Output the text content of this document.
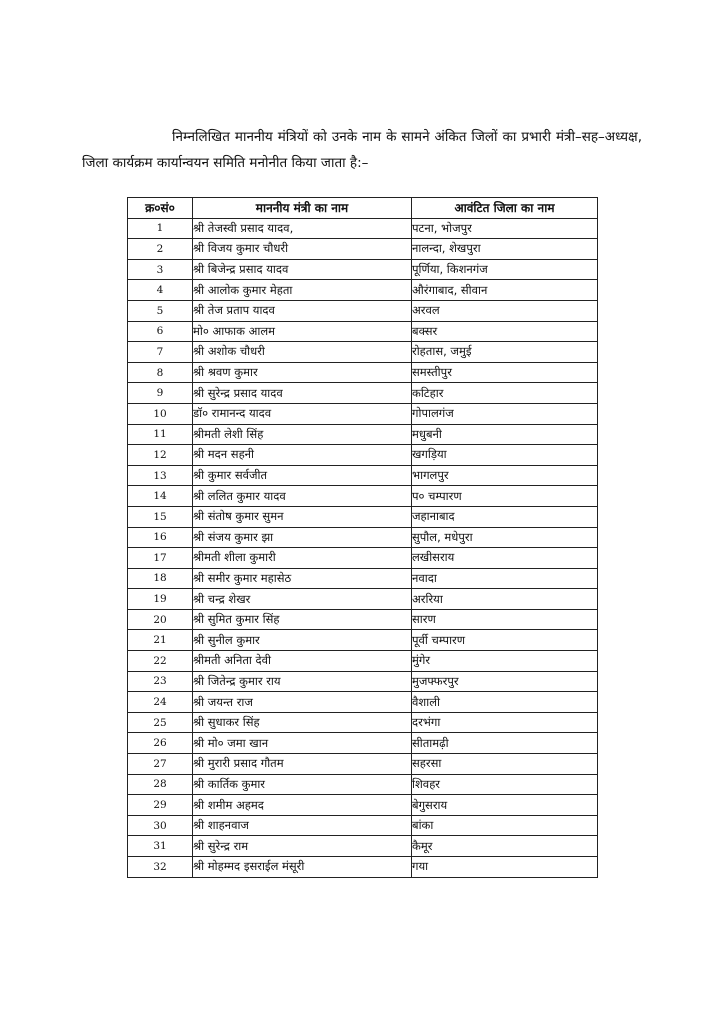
निम्नलिखित माननीय मंत्रियों को उनके नाम के सामने अंकित जिलों का प्रभारी मंत्री–सह–अध्यक्ष, जिला कार्यक्रम कार्यान्वयन समिति मनोनीत किया जाता है:–

क्र०सं०	माननीय मंत्री का नाम	आवंटित जिला का नाम
1	श्री तेजस्वी प्रसाद यादव,	पटना, भोजपुर
2	श्री विजय कुमार चौधरी	नालन्दा, शेखपुरा
3	श्री बिजेन्द्र प्रसाद यादव	पूर्णिया, किशनगंज
4	श्री आलोक कुमार मेहता	औरंगाबाद, सीवान
5	श्री तेज प्रताप यादव	अरवल
6	मो० आफाक आलम	बक्सर
7	श्री अशोक चौधरी	रोहतास, जमुई
8	श्री श्रवण कुमार	समस्तीपुर
9	श्री सुरेन्द्र प्रसाद यादव	कटिहार
10	डॉ० रामानन्द यादव	गोपालगंज
11	श्रीमती लेशी सिंह	मधुबनी
12	श्री मदन सहनी	खगड़िया
13	श्री कुमार सर्वजीत	भागलपुर
14	श्री ललित कुमार यादव	प० चम्पारण
15	श्री संतोष कुमार सुमन	जहानाबाद
16	श्री संजय कुमार झा	सुपौल, मधेपुरा
17	श्रीमती शीला कुमारी	लखीसराय
18	श्री समीर कुमार महासेठ	नवादा
19	श्री चन्द्र शेखर	अररिया
20	श्री सुमित कुमार सिंह	सारण
21	श्री सुनील कुमार	पूर्वी चम्पारण
22	श्रीमती अनिता देवी	मुंगेर
23	श्री जितेन्द्र कुमार राय	मुजफ्फरपुर
24	श्री जयन्त राज	वैशाली
25	श्री सुधाकर सिंह	दरभंगा
26	श्री मो० जमा खान	सीतामढ़ी
27	श्री मुरारी प्रसाद गौतम	सहरसा
28	श्री कार्तिक कुमार	शिवहर
29	श्री शमीम अहमद	बेगुसराय
30	श्री शाहनवाज	बांका
31	श्री सुरेन्द्र राम	कैमूर
32	श्री मोहम्मद इसराईल मंसूरी	गया
